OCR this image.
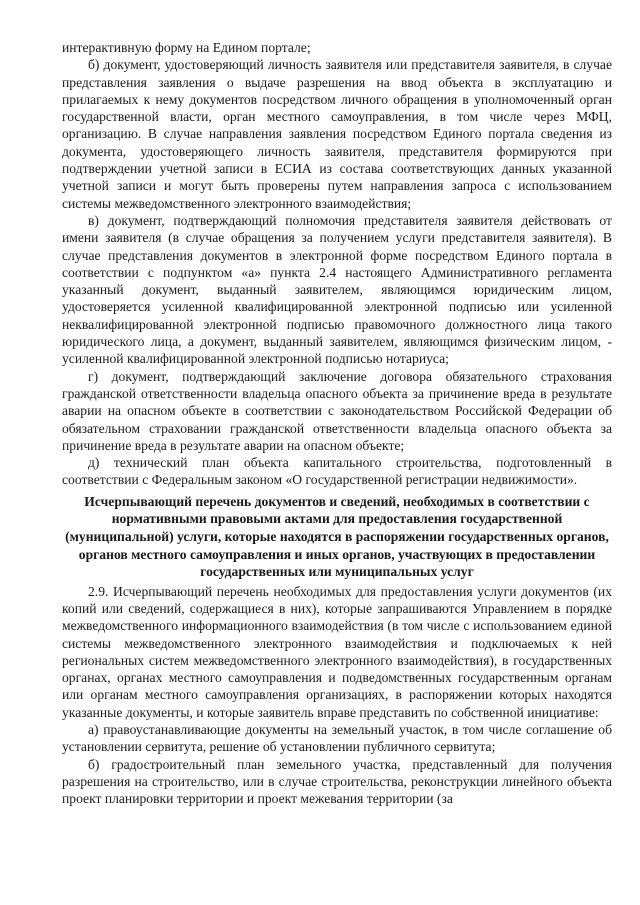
интерактивную форму на Едином портале;

б) документ, удостоверяющий личность заявителя или представителя заявителя, в случае представления заявления о выдаче разрешения на ввод объекта в эксплуатацию и прилагаемых к нему документов посредством личного обращения в уполномоченный орган государственной власти, орган местного самоуправления, в том числе через МФЦ, организацию. В случае направления заявления посредством Единого портала сведения из документа, удостоверяющего личность заявителя, представителя формируются при подтверждении учетной записи в ЕСИА из состава соответствующих данных указанной учетной записи и могут быть проверены путем направления запроса с использованием системы межведомственного электронного взаимодействия;

в) документ, подтверждающий полномочия представителя заявителя действовать от имени заявителя (в случае обращения за получением услуги представителя заявителя). В случае представления документов в электронной форме посредством Единого портала в соответствии с подпунктом «а» пункта 2.4 настоящего Административного регламента указанный документ, выданный заявителем, являющимся юридическим лицом, удостоверяется усиленной квалифицированной электронной подписью или усиленной неквалифицированной электронной подписью правомочного должностного лица такого юридического лица, а документ, выданный заявителем, являющимся физическим лицом, - усиленной квалифицированной электронной подписью нотариуса;

г) документ, подтверждающий заключение договора обязательного страхования гражданской ответственности владельца опасного объекта за причинение вреда в результате аварии на опасном объекте в соответствии с законодательством Российской Федерации об обязательном страховании гражданской ответственности владельца опасного объекта за причинение вреда в результате аварии на опасном объекте;

д) технический план объекта капитального строительства, подготовленный в соответствии с Федеральным законом «О государственной регистрации недвижимости».

Исчерпывающий перечень документов и сведений, необходимых в соответствии с нормативными правовыми актами для предоставления государственной (муниципальной) услуги, которые находятся в распоряжении государственных органов, органов местного самоуправления и иных органов, участвующих в предоставлении государственных или муниципальных услуг

2.9. Исчерпывающий перечень необходимых для предоставления услуги документов (их копий или сведений, содержащиеся в них), которые запрашиваются Управлением в порядке межведомственного информационного взаимодействия (в том числе с использованием единой системы межведомственного электронного взаимодействия и подключаемых к ней региональных систем межведомственного электронного взаимодействия), в государственных органах, органах местного самоуправления и подведомственных государственным органам или органам местного самоуправления организациях, в распоряжении которых находятся указанные документы, и которые заявитель вправе представить по собственной инициативе:

а) правоустанавливающие документы на земельный участок, в том числе соглашение об установлении сервитута, решение об установлении публичного сервитута;

б) градостроительный план земельного участка, представленный для получения разрешения на строительство, или в случае строительства, реконструкции линейного объекта проект планировки территории и проект межевания территории (за
